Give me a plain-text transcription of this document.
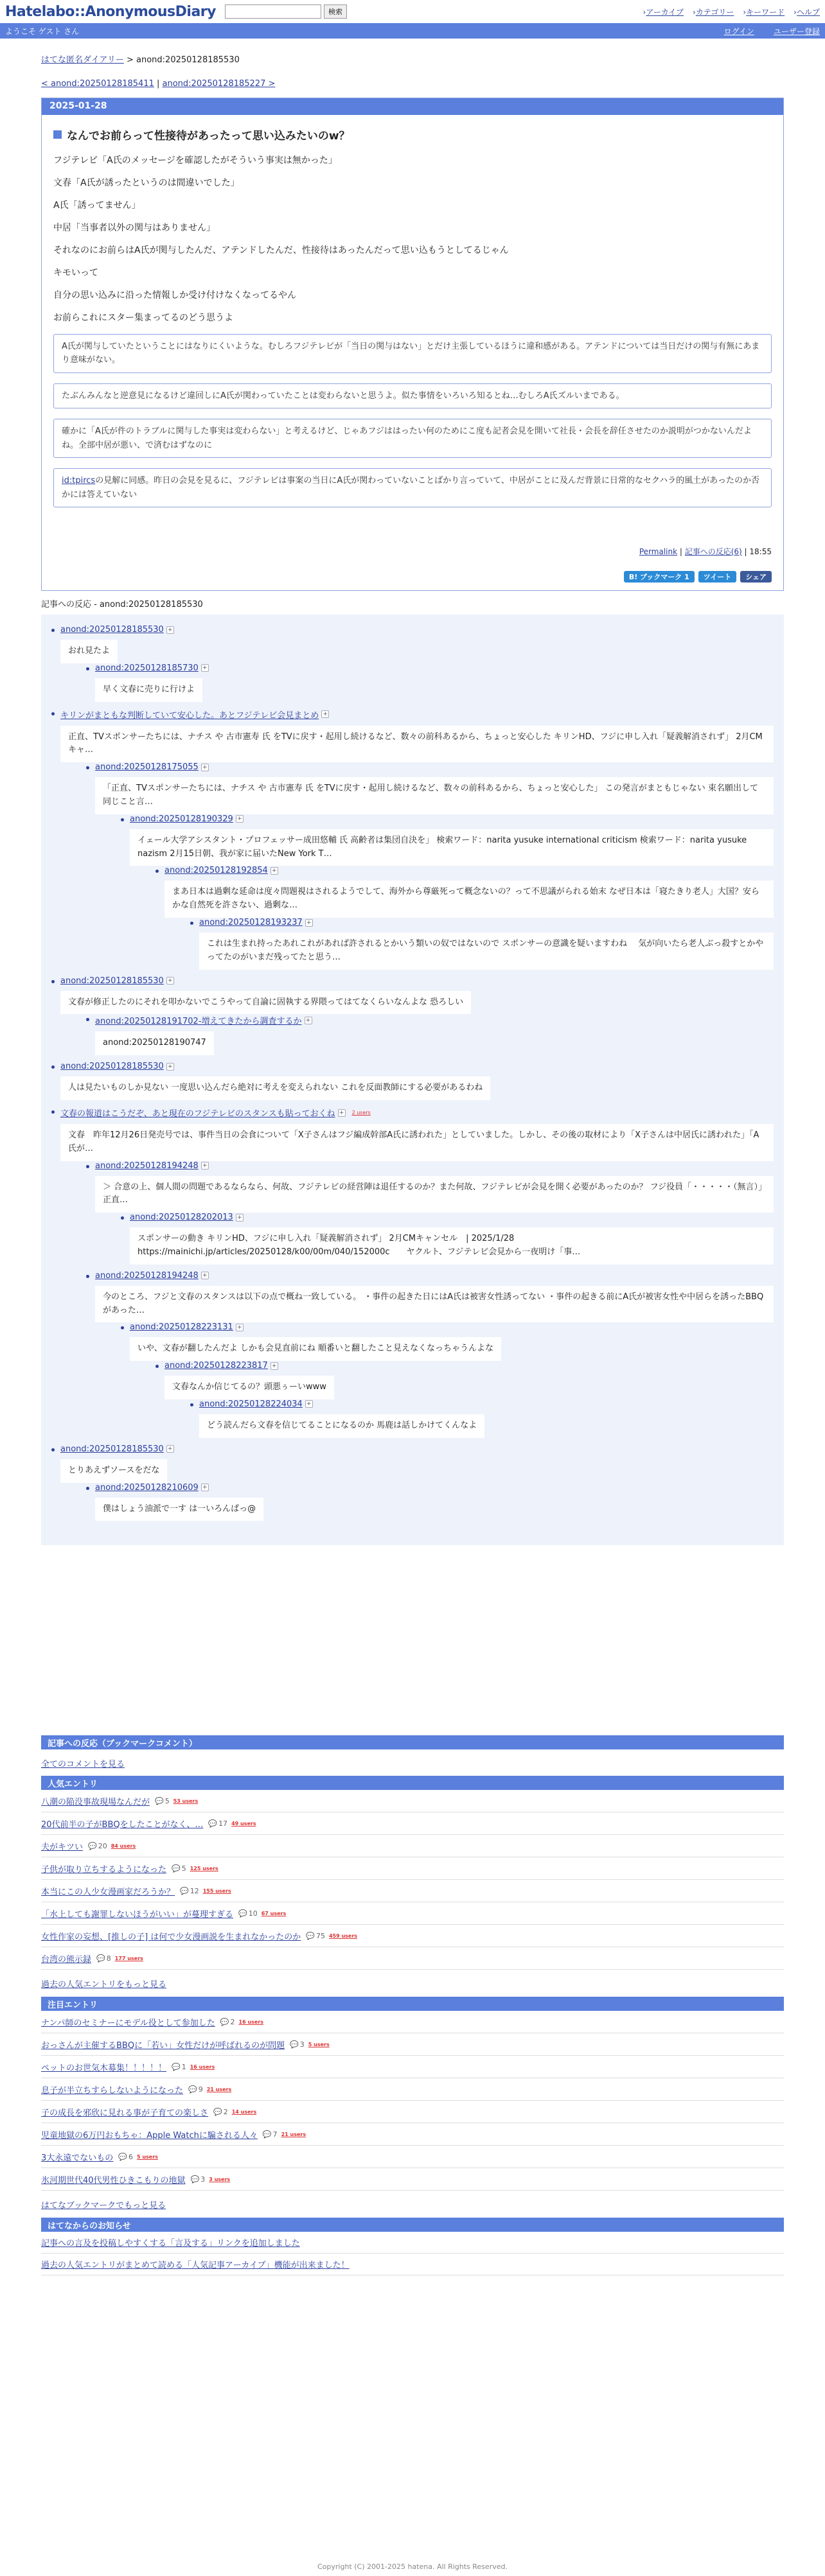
Hatelabo::AnonymousDiary	検索	› アーカイブ	› カテゴリー	› キーワード	› ヘルプ
ようこそ ゲスト さん	ログイン	ユーザー登録
はてな匿名ダイアリー > anond:20250128185530
< anond:20250128185411 | anond:20250128185227 >
2025-01-28
なんでお前らって性接待があったって思い込みたいのw？

フジテレビ「A氏のメッセージを確認したがそういう事実は無かった」

文春「A氏が誘ったというのは間違いでした」

A氏「誘ってません」

中居「当事者以外の関与はありません」

それなのにお前らはA氏が関与したんだ、アテンドしたんだ、性接待はあったんだって思い込もうとしてるじゃん

キモいって

自分の思い込みに沿った情報しか受け付けなくなってるやん

お前らこれにスター集まってるのどう思うよ

A氏が関与していたということにはなりにくいような。むしろフジテレビが「当日の関与はない」とだけ主張しているほうに違和感がある。アテンドについては当日だけの関与有無にあまり意味がない。
たぶんみんなと逆意見になるけど違回しにA氏が関わっていたことは変わらないと思うよ。似た事情をいろいろ知るとね…むしろA氏ズルいまである。
確かに「A氏が件のトラブルに関与した事実は変わらない」と考えるけど、じゃあフジははったい何のためにこ度も記者会見を開いて社長・会長を辞任させたのか説明がつかないんだよね。全部中居が悪い、で済むはずなのに
id:tpircsの見解に同感。昨日の会見を見るに、フジテレビは事案の当日にA氏が関わっていないことばかり言っていて、中居がことに及んだ背景に日常的なセクハラ的風土があったのか否かには答えていない
Permalink | 記事への反応(6) | 18:55
B! ブックマーク 1	ツイート	シェア
記事への反応 - anond:20250128185530
anond:20250128185530 +
おれ見たよ
anond:20250128185730 +
早く文春に売りに行けよ
キリンがまともな判断していて安心した。あとフジテレビ会見まとめ +
正直、TVスポンサーたちには、ナチス や 古市憲寿 氏 をTVに戻す・起用し続けるなど、数々の前科あるから、ちょっと安心した キリンHD、フジに申し入れ「疑義解消されず」 2月CMキャ…
anond:20250128175055 +
「正直、TVスポンサーたちには、ナチス や 古市憲寿 氏 をTVに戻す・起用し続けるなど、数々の前科あるから、ちょっと安心した」 この発言がまともじゃない 束名願出して同じこと言…
anond:20250128190329 +
イェール大学アシスタント・プロフェッサー成田悠輔 氏 高齢者は集団自決を」 検索ワード：narita yusuke international criticism 検索ワード：narita yusuke nazism 2月15日朝、我が家に届いたNew York T…
anond:20250128192854 +
まあ日本は過剰な延命は度々問題視はされるようでして、海外から尊厳死って概念ないの？って不思議がられる始末 なぜ日本は「寝たきり老人」大国？安らかな自然死を許さない、過剰な…
anond:20250128193237 +
これは生まれ持ったあれこれがあれば許されるとかいう類いの奴ではないので スポンサーの意識を疑いますわね　 気が向いたら老人ぶっ殺すとかやってたのがいまだ残ってたと思う…
anond:20250128185530 +
文春が修正したのにそれを叩かないでこうやって自論に固執する界隈ってはてなくらいなんよな 恐ろしい
anond:20250128191702-増えてきたから調査するか +
anond:20250128190747
anond:20250128185530 +
人は見たいものしか見ない 一度思い込んだら絶対に考えを変えられない これを反面教師にする必要があるわね
文春の報道はこうだぞ、あと現在のフジテレビのスタンスも貼っておくね + 2 users
文春　昨年12月26日発売号では、事件当日の会食について「X子さんはフジ編成幹部A氏に誘われた」としていました。しかし、その後の取材により「X子さんは中居氏に誘われた」「A氏が…
anond:20250128194248 +
＞ 合意の上、個人間の問題であるならなら、何故、フジテレビの経営陣は退任するのか？また何故、フジテレビが会見を開く必要があったのか？ フジ役員「・・・・・（無言）」　正直…
anond:20250128202013 +
スポンサーの動き キリンHD、フジに申し入れ「疑義解消されず」 2月CMキャンセル　| 2025/1/28 https://mainichi.jp/articles/20250128/k00/00m/040/152000c　　ヤクルト、フジテレビ会見から一夜明け「事…
anond:20250128194248 +
今のところ、フジと文春のスタンスは以下の点で概ね一致している。 ・事件の起きた日にはA氏は被害女性誘ってない ・事件の起きる前にA氏が被害女性や中居らを誘ったBBQがあった…
anond:20250128223131 +
いや、文春が翻したんだよ しかも会見直前にね 順番いと翻したこと見えなくなっちゃうんよな
anond:20250128223817 +
文春なんか信じてるの？頭悪ぅーいwww
anond:20250128224034 +
どう読んだら文春を信じてることになるのか 馬鹿は話しかけてくんなよ
anond:20250128185530 +
とりあえずソースをだな
anond:20250128210609 +
僕はしょう油派で一す は一いろんぱっ@
記事への反応（ブックマークコメント）
全てのコメントを見る
人気エントリ
八潮の陥没事故現場なんだが 💬 5 53 users
20代前半の子がBBQをしたことがなく、… 💬 17 49 users
夫がキツい 💬 20 84 users
子供が取り立ちするようになった 💬 5 125 users
本当にこの人少女漫画家だろうか？ 💬 12 155 users
「水上しても謝罪しないほうがいい」が蔓理すぎる 💬 10 67 users
女性作家の妄想、[推しの子] は何で少女漫画説を生まれなかったのか 💬 75 459 users
台湾の熊示録 💬 8 177 users
過去の人気エントリをもっと見る
注目エントリ
ナンパ師のセミナーにモデル役として参加した 💬 2 16 users
おっさんが主催するBBQに「若い」女性だけが呼ばれるのが問題 💬 3 5 users
ペットのお世気木募集！！！！！ 💬 1 16 users
息子が半立ちすらしないようになった 💬 9 21 users
子の成長を邪欣に見れる事が子育ての楽しさ 💬 2 14 users
児童地獄の6万円おもちゃ：Apple Watchに騙される人々 💬 7 21 users
3大永遠でないもの 💬 6 5 users
氷河期世代40代男性ひきこもりの地獄 💬 3 3 users
はてなブックマークでもっと見る
はてなからのお知らせ
記事への言及を投稿しやすくする「言及する」リンクを追加しました
過去の人気エントリがまとめて読める「人気記事アーカイブ」機能が出来ました！
Copyright (C) 2001-2025 hatena. All Rights Reserved.
